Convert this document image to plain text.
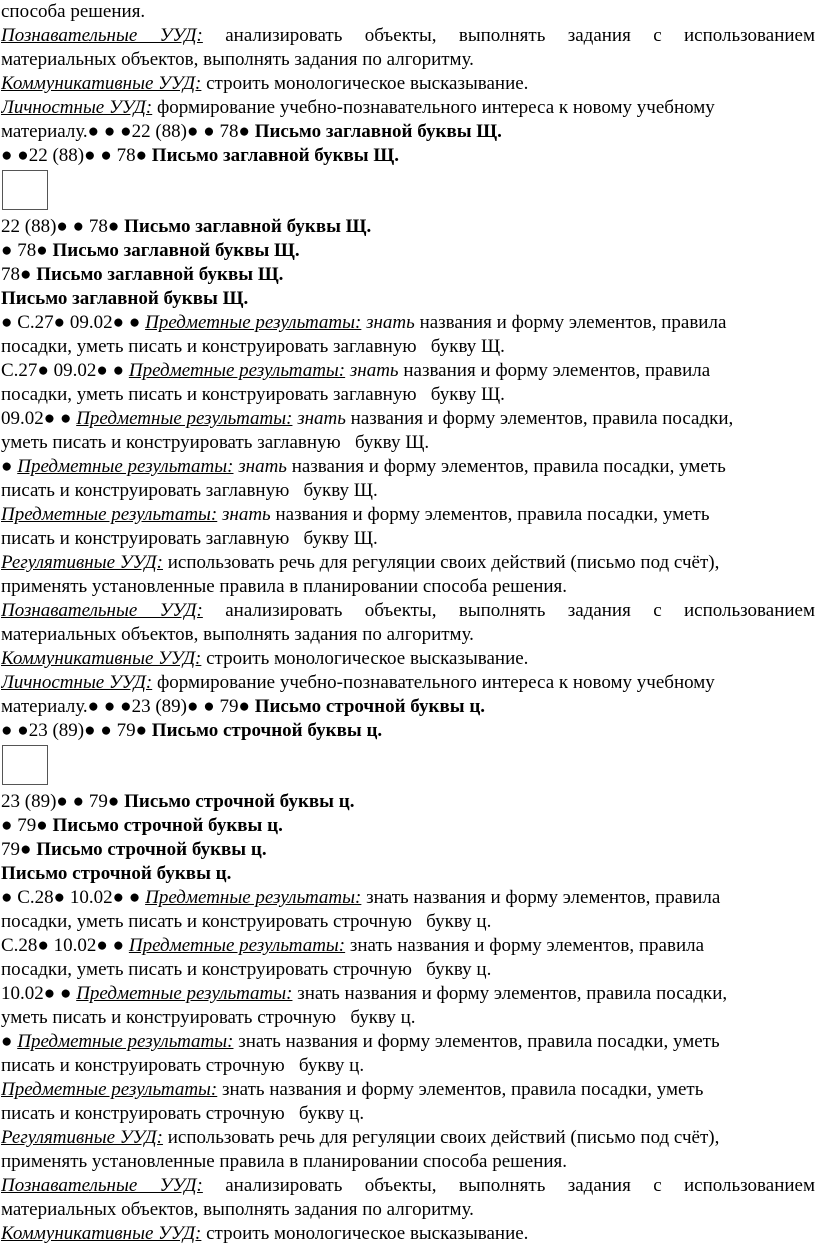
способа решения.
Познавательные УУД: анализировать объекты, выполнять задания с использованием
материальных объектов, выполнять задания по алгоритму.
Коммуникативные УУД: строить монологическое высказывание.
Личностные УУД: формирование учебно-познавательного интереса к новому учебному
материалу.● ● ●22 (88)● ● 78● Письмо заглавной буквы Щ.
● ●22 (88)● ● 78● Письмо заглавной буквы Щ.
22 (88)● ● 78● Письмо заглавной буквы Щ.
● 78● Письмо заглавной буквы Щ.
78● Письмо заглавной буквы Щ.
Письмо заглавной буквы Щ.
● С.27● 09.02● ● Предметные результаты: знать названия и форму элементов, правила
посадки, уметь писать и конструировать заглавную   букву Щ.
С.27● 09.02● ● Предметные результаты: знать названия и форму элементов, правила
посадки, уметь писать и конструировать заглавную   букву Щ.
09.02● ● Предметные результаты: знать названия и форму элементов, правила посадки,
уметь писать и конструировать заглавную   букву Щ.
● Предметные результаты: знать названия и форму элементов, правила посадки, уметь
писать и конструировать заглавную   букву Щ.
Предметные результаты: знать названия и форму элементов, правила посадки, уметь
писать и конструировать заглавную   букву Щ.
Регулятивные УУД: использовать речь для регуляции своих действий (письмо под счёт),
применять установленные правила в планировании способа решения.
Познавательные УУД: анализировать объекты, выполнять задания с использованием
материальных объектов, выполнять задания по алгоритму.
Коммуникативные УУД: строить монологическое высказывание.
Личностные УУД: формирование учебно-познавательного интереса к новому учебному
материалу.● ● ●23 (89)● ● 79● Письмо строчной буквы ц.
● ●23 (89)● ● 79● Письмо строчной буквы ц.
23 (89)● ● 79● Письмо строчной буквы ц.
● 79● Письмо строчной буквы ц.
79● Письмо строчной буквы ц.
Письмо строчной буквы ц.
● С.28● 10.02● ● Предметные результаты: знать названия и форму элементов, правила
посадки, уметь писать и конструировать строчную   букву ц.
С.28● 10.02● ● Предметные результаты: знать названия и форму элементов, правила
посадки, уметь писать и конструировать строчную   букву ц.
10.02● ● Предметные результаты: знать названия и форму элементов, правила посадки,
уметь писать и конструировать строчную   букву ц.
● Предметные результаты: знать названия и форму элементов, правила посадки, уметь
писать и конструировать строчную   букву ц.
Предметные результаты: знать названия и форму элементов, правила посадки, уметь
писать и конструировать строчную   букву ц.
Регулятивные УУД: использовать речь для регуляции своих действий (письмо под счёт),
применять установленные правила в планировании способа решения.
Познавательные УУД: анализировать объекты, выполнять задания с использованием
материальных объектов, выполнять задания по алгоритму.
Коммуникативные УУД: строить монологическое высказывание.
